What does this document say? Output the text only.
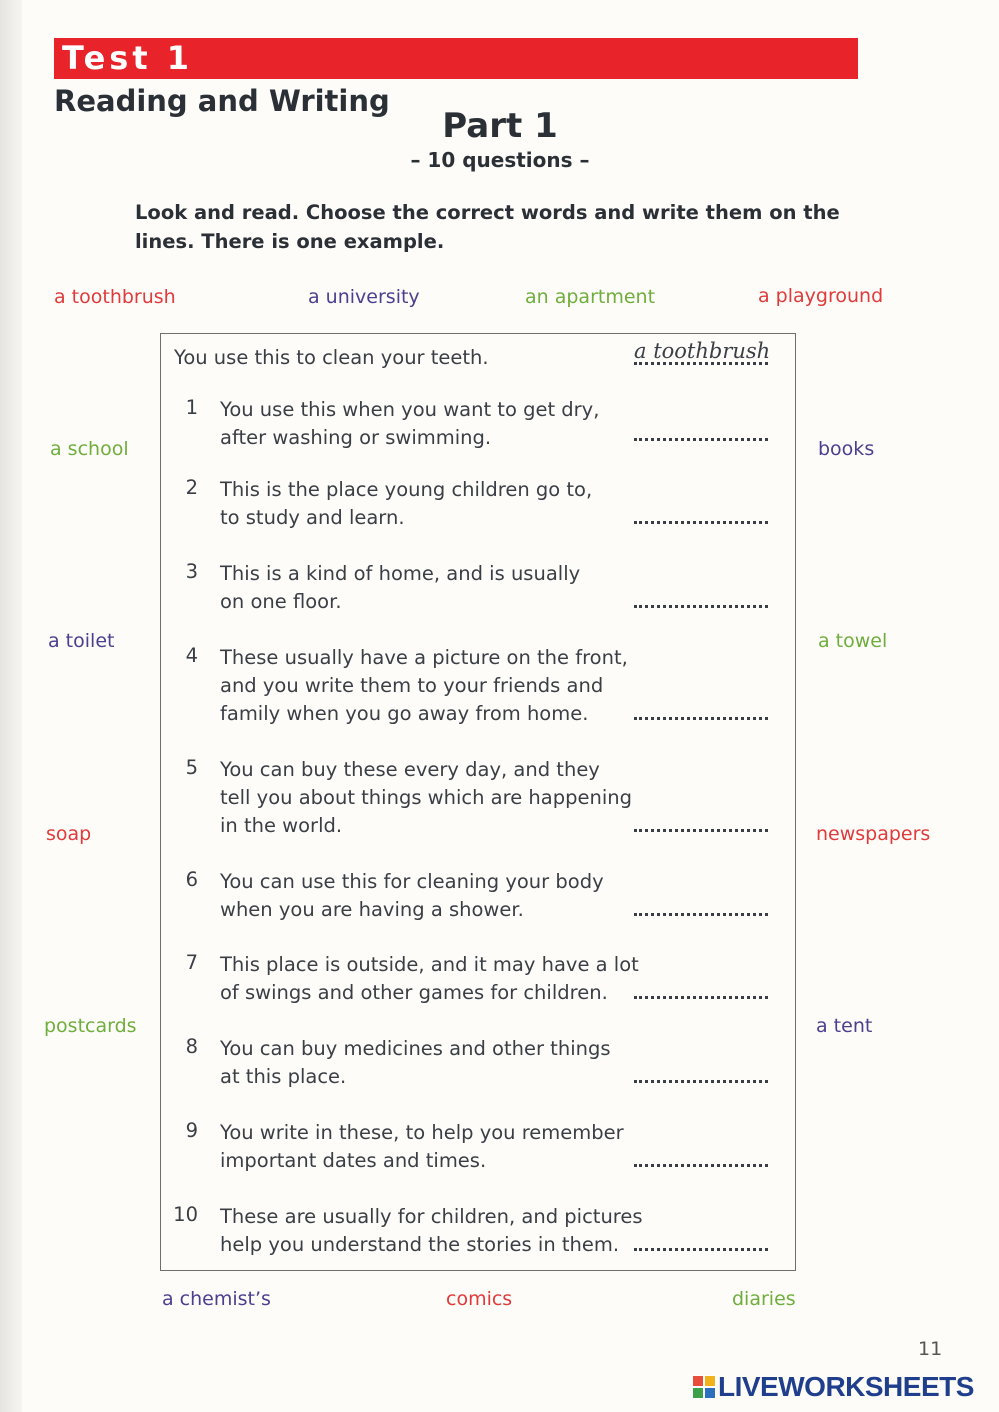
Test 1
Reading and Writing
Part 1
– 10 questions –
Look and read. Choose the correct words and write them on the lines. There is one example.
a toothbrush	a university	an apartment	a playground
a school
a toilet
soap
postcards
books
a towel
newspapers
a tent
a chemist’s	comics	diaries
You use this to clean your teeth.	a toothbrush
1 You use this when you want to get dry,
after washing or swimming.
2 This is the place young children go to,
to study and learn.
3 This is a kind of home, and is usually
on one floor.
4 These usually have a picture on the front,
and you write them to your friends and
family when you go away from home.
5 You can buy these every day, and they
tell you about things which are happening
in the world.
6 You can use this for cleaning your body
when you are having a shower.
7 This place is outside, and it may have a lot
of swings and other games for children.
8 You can buy medicines and other things
at this place.
9 You write in these, to help you remember
important dates and times.
10 These are usually for children, and pictures
help you understand the stories in them.
11
LIVEWORKSHEETS
